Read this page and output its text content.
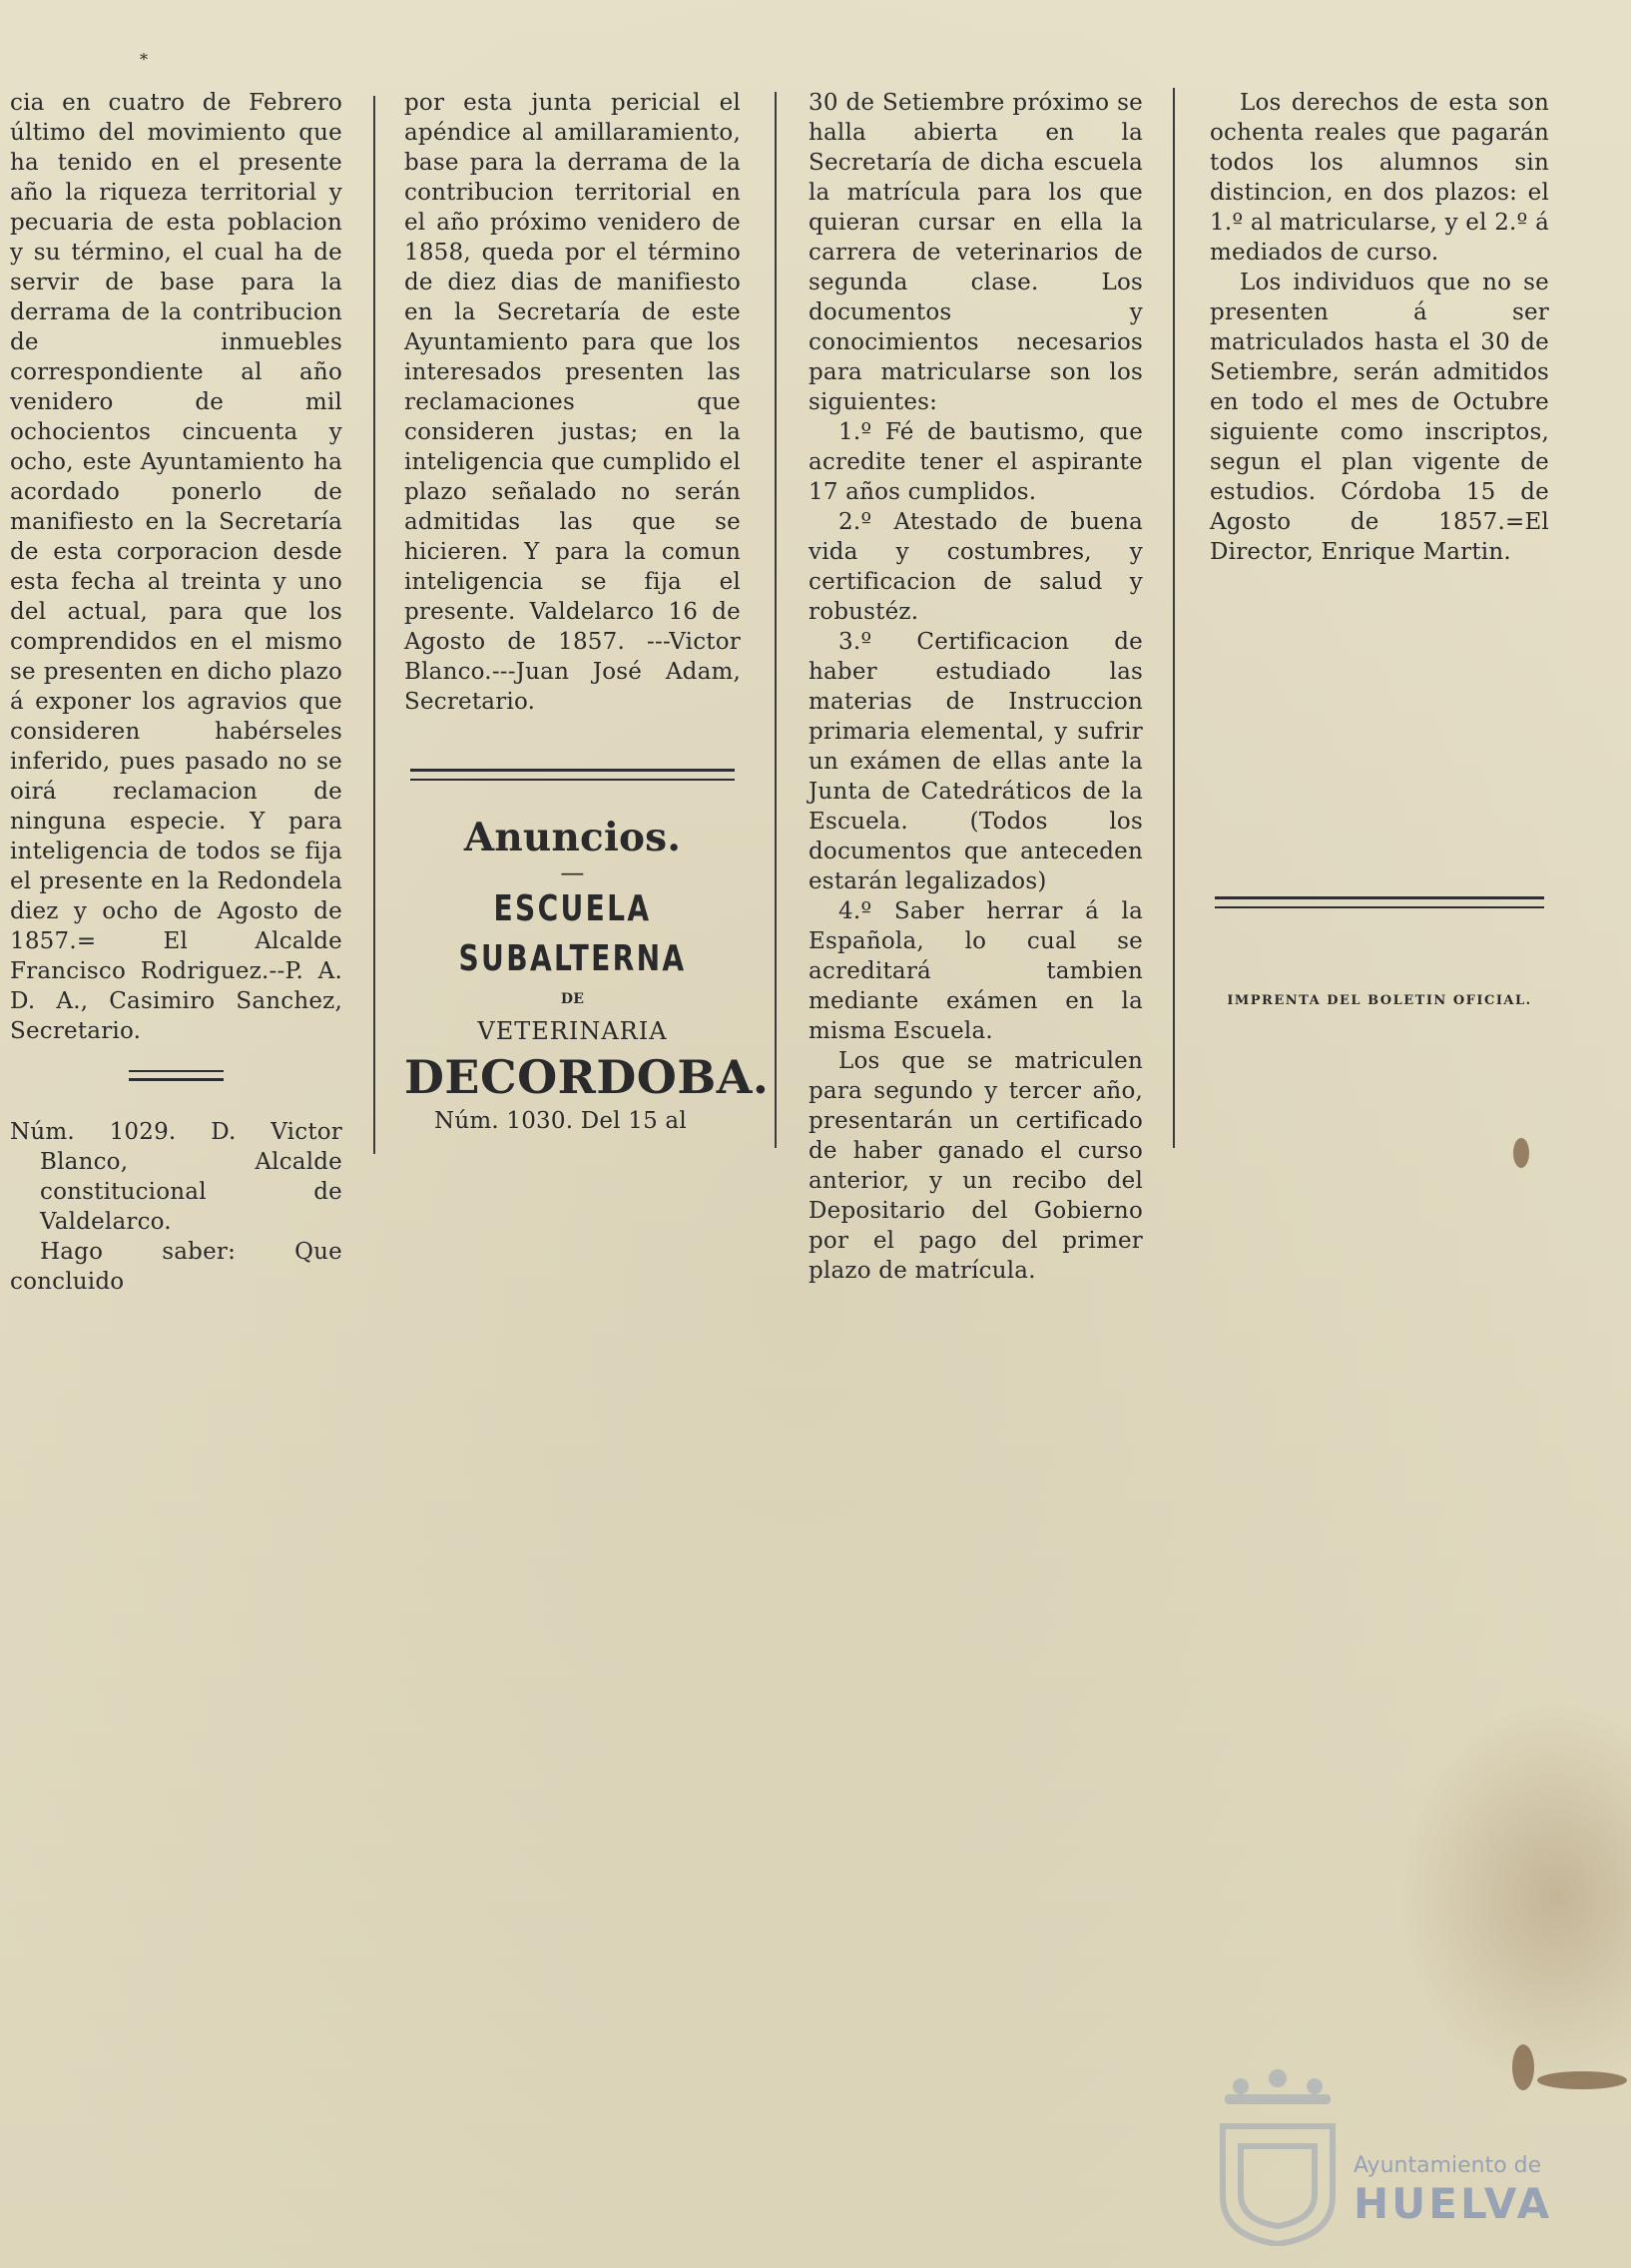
*

cia en cuatro de Febrero último del movimiento que ha tenido en el presente año la riqueza territorial y pecuaria de esta poblacion y su término, el cual ha de servir de base para la derrama de la contribucion de inmuebles correspondiente al año venidero de mil ochocientos cincuenta y ocho, este Ayuntamiento ha acordado ponerlo de manifiesto en la Secretaría de esta corporacion desde esta fecha al treinta y uno del actual, para que los comprendidos en el mismo se presenten en dicho plazo á exponer los agravios que consideren habérseles inferido, pues pasado no se oirá reclamacion de ninguna especie. Y para inteligencia de todos se fija el presente en la Redondela diez y ocho de Agosto de 1857.= El Alcalde Francisco Rodriguez.--P. A. D. A., Casimiro Sanchez, Secretario.

Núm. 1029. D. Victor Blanco, Alcalde constitucional de Valdelarco.

Hago saber: Que concluido

por esta junta pericial el apéndice al amillaramiento, base para la derrama de la contribucion territorial en el año próximo venidero de 1858, queda por el término de diez dias de manifiesto en la Secretaría de este Ayuntamiento para que los interesados presenten las reclamaciones que consideren justas; en la inteligencia que cumplido el plazo señalado no serán admitidas las que se hicieren. Y para la comun inteligencia se fija el presente. Valdelarco 16 de Agosto de 1857. ---Victor Blanco.---Juan José Adam, Secretario.

Anuncios.

—

ESCUELA SUBALTERNA

DE

VETERINARIA

DECORDOBA.

Núm. 1030. Del 15 al

30 de Setiembre próximo se halla abierta en la Secretaría de dicha escuela la matrícula para los que quieran cursar en ella la carrera de veterinarios de segunda clase. Los documentos y conocimientos necesarios para matricularse son los siguientes:

1.º Fé de bautismo, que acredite tener el aspirante 17 años cumplidos.

2.º Atestado de buena vida y costumbres, y certificacion de salud y robustéz.

3.º Certificacion de haber estudiado las materias de Instruccion primaria elemental, y sufrir un exámen de ellas ante la Junta de Catedráticos de la Escuela. (Todos los documentos que anteceden estarán legalizados)

4.º Saber herrar á la Española, lo cual se acreditará tambien mediante exámen en la misma Escuela.

Los que se matriculen para segundo y tercer año, presentarán un certificado de haber ganado el curso anterior, y un recibo del Depositario del Gobierno por el pago del primer plazo de matrícula.

Los derechos de esta son ochenta reales que pagarán todos los alumnos sin distincion, en dos plazos: el 1.º al matricularse, y el 2.º á mediados de curso.

Los individuos que no se presenten á ser matriculados hasta el 30 de Setiembre, serán admitidos en todo el mes de Octubre siguiente como inscriptos, segun el plan vigente de estudios. Córdoba 15 de Agosto de 1857.=El Director, Enrique Martin.

IMPRENTA DEL BOLETIN OFICIAL.

Ayuntamiento de
HUELVA
